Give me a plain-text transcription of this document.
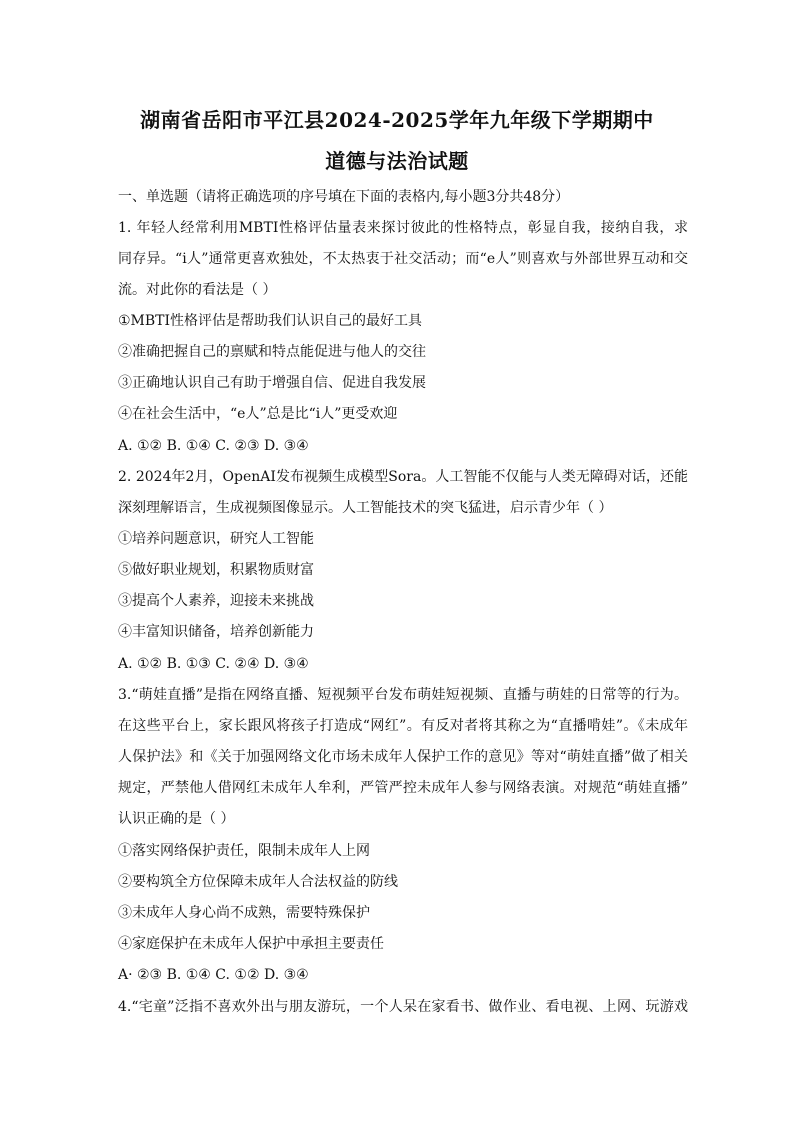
湖南省岳阳市平江县2024-2025学年九年级下学期期中
道德与法治试题
一、单选题（请将正确选项的序号填在下面的表格内,每小题3分共48分）
1. 年轻人经常利用MBTI性格评估量表来探讨彼此的性格特点，彰显自我，接纳自我，求
同存异。“i人”通常更喜欢独处，不太热衷于社交活动；而“e人”则喜欢与外部世界互动和交
流。对此你的看法是（ ）
①MBTI性格评估是帮助我们认识自己的最好工具
②准确把握自己的禀赋和特点能促进与他人的交往
③正确地认识自己有助于增强自信、促进自我发展
④在社会生活中，“e人”总是比“i人”更受欢迎
A. ①② B. ①④ C. ②③ D. ③④
2. 2024年2月，OpenAI发布视频生成模型Sora。人工智能不仅能与人类无障碍对话，还能
深刻理解语言，生成视频图像显示。人工智能技术的突飞猛进，启示青少年（ ）
①培养问题意识，研究人工智能
⑤做好职业规划，积累物质财富
③提高个人素养，迎接未来挑战
④丰富知识储备，培养创新能力
A. ①② B. ①③ C. ②④ D. ③④
3.“萌娃直播”是指在网络直播、短视频平台发布萌娃短视频、直播与萌娃的日常等的行为。
在这些平台上，家长跟风将孩子打造成“网红”。有反对者将其称之为“直播啃娃”。《未成年
人保护法》和《关于加强网络文化市场未成年人保护工作的意见》等对“萌娃直播”做了相关
规定，严禁他人借网红未成年人牟利，严管严控未成年人参与网络表演。对规范“萌娃直播”
认识正确的是（ ）
①落实网络保护责任，限制未成年人上网
②要构筑全方位保障未成年人合法权益的防线
③未成年人身心尚不成熟，需要特殊保护
④家庭保护在未成年人保护中承担主要责任
A· ②③ B. ①④ C. ①② D. ③④
4.“宅童”泛指不喜欢外出与朋友游玩，一个人呆在家看书、做作业、看电视、上网、玩游戏
